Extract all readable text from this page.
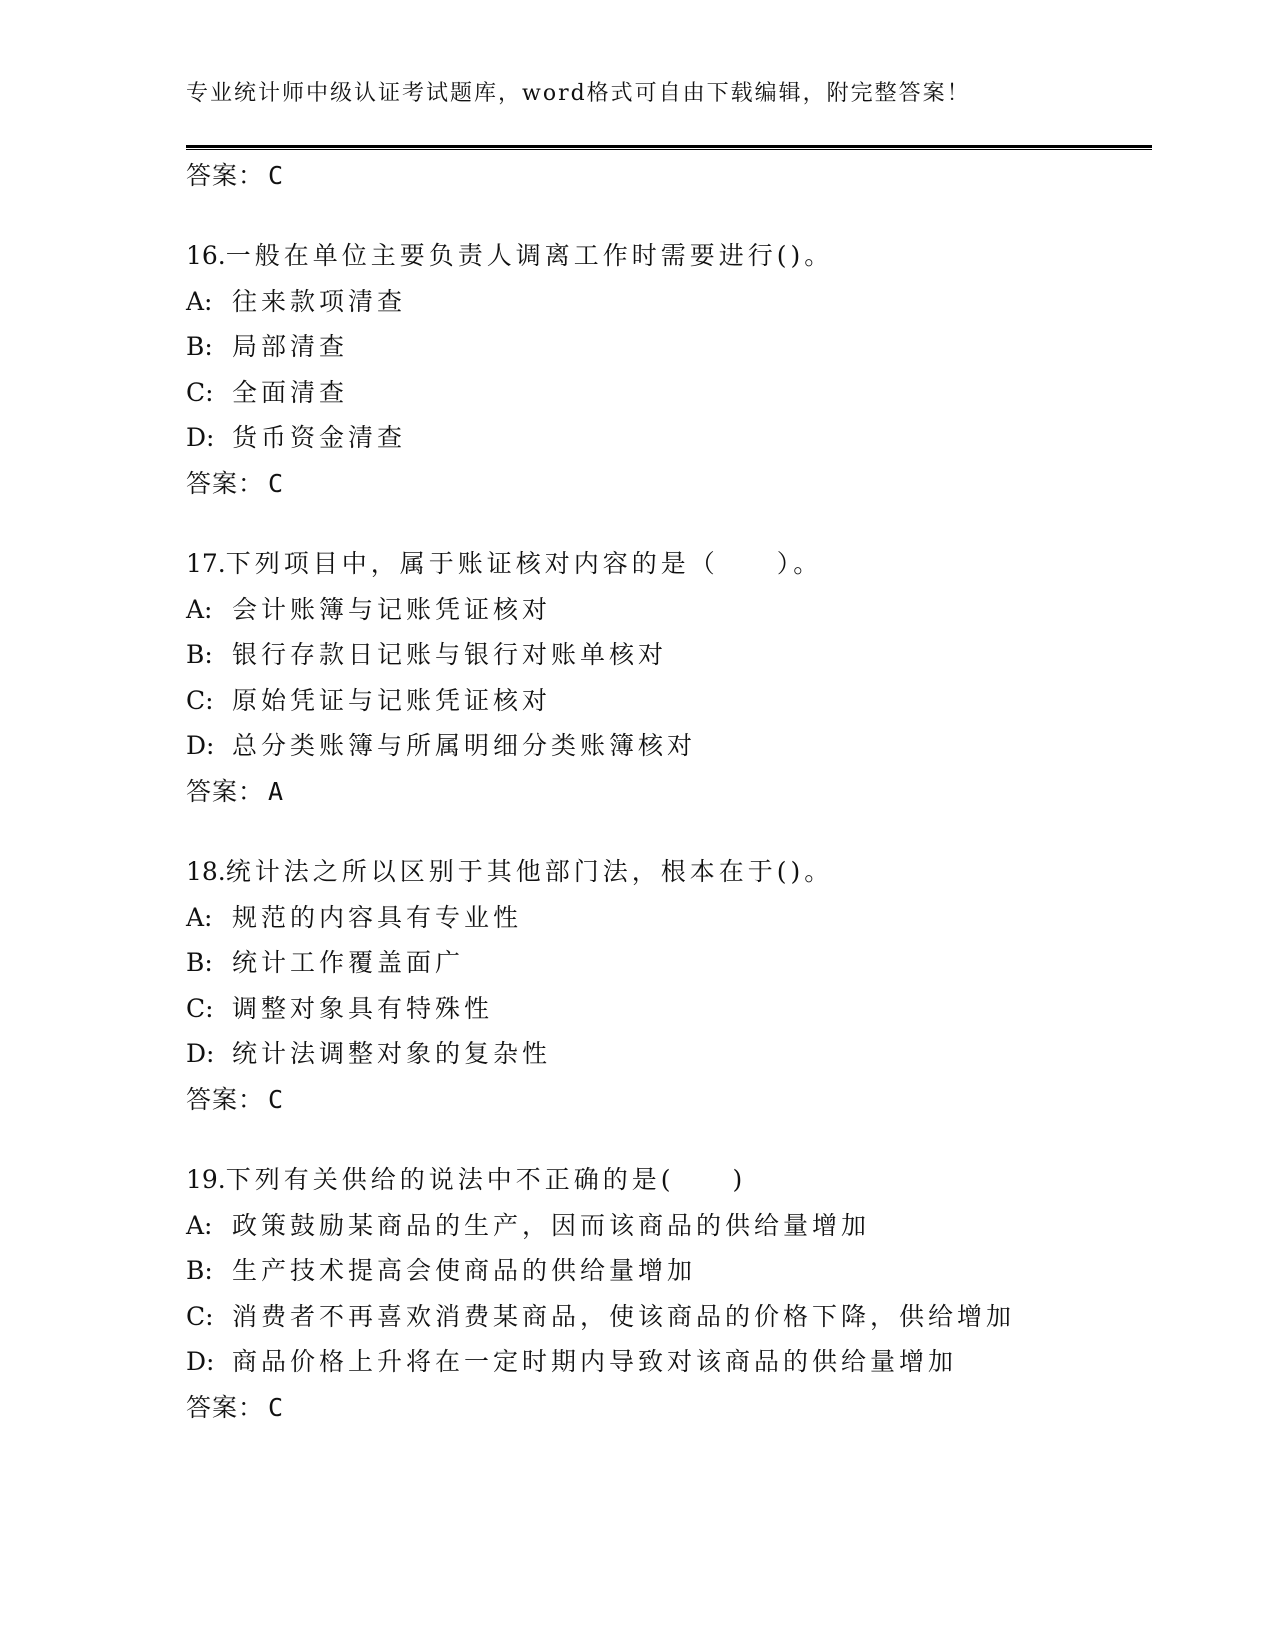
专业统计师中级认证考试题库，word格式可自由下载编辑，附完整答案！
答案： C
16.一般在单位主要负责人调离工作时需要进行()。
A: 往来款项清查
B: 局部清查
C: 全面清查
D: 货币资金清查
答案： C
17.下列项目中，属于账证核对内容的是（　　）。
A: 会计账簿与记账凭证核对
B: 银行存款日记账与银行对账单核对
C: 原始凭证与记账凭证核对
D: 总分类账簿与所属明细分类账簿核对
答案： A
18.统计法之所以区别于其他部门法，根本在于()。
A: 规范的内容具有专业性
B: 统计工作覆盖面广
C: 调整对象具有特殊性
D: 统计法调整对象的复杂性
答案： C
19.下列有关供给的说法中不正确的是(　　)
A: 政策鼓励某商品的生产，因而该商品的供给量增加
B: 生产技术提高会使商品的供给量增加
C: 消费者不再喜欢消费某商品，使该商品的价格下降，供给增加
D: 商品价格上升将在一定时期内导致对该商品的供给量增加
答案： C
